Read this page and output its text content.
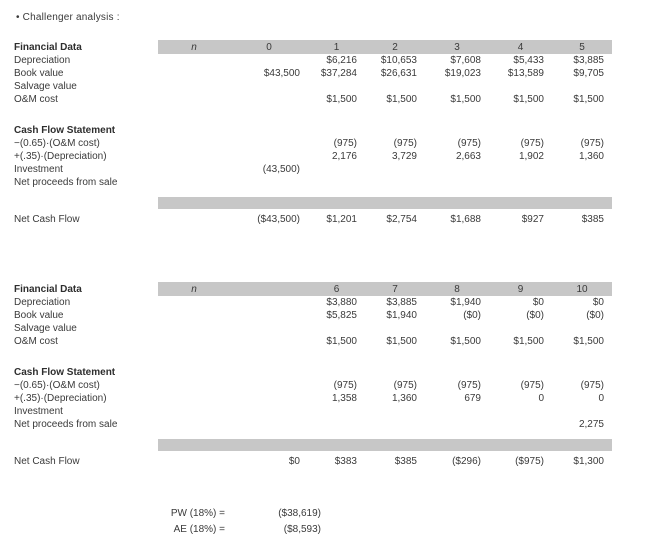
• Challenger analysis :
Financial Data	n	0	1	2	3	4	5
Depreciation			$6,216	$10,653	$7,608	$5,433	$3,885
Book value		$43,500	$37,284	$26,631	$19,023	$13,589	$9,705
Salvage value							
O&M cost			$1,500	$1,500	$1,500	$1,500	$1,500

Cash Flow Statement							
−(0.65)·(O&M cost)			(975)	(975)	(975)	(975)	(975)
+(.35)·(Depreciation)			2,176	3,729	2,663	1,902	1,360
Investment		(43,500)					
Net proceeds from sale							

Net Cash Flow		($43,500)	$1,201	$2,754	$1,688	$927	$385
Financial Data	n		6	7	8	9	10
Depreciation			$3,880	$3,885	$1,940	$0	$0
Book value			$5,825	$1,940	($0)	($0)	($0)
Salvage value							
O&M cost			$1,500	$1,500	$1,500	$1,500	$1,500

Cash Flow Statement							
−(0.65)·(O&M cost)			(975)	(975)	(975)	(975)	(975)
+(.35)·(Depreciation)			1,358	1,360	679	0	0
Investment							
Net proceeds from sale							2,275

Net Cash Flow		$0	$383	$385	($296)	($975)	$1,300
PW (18%) =	($38,619)
AE (18%) =	($8,593)
